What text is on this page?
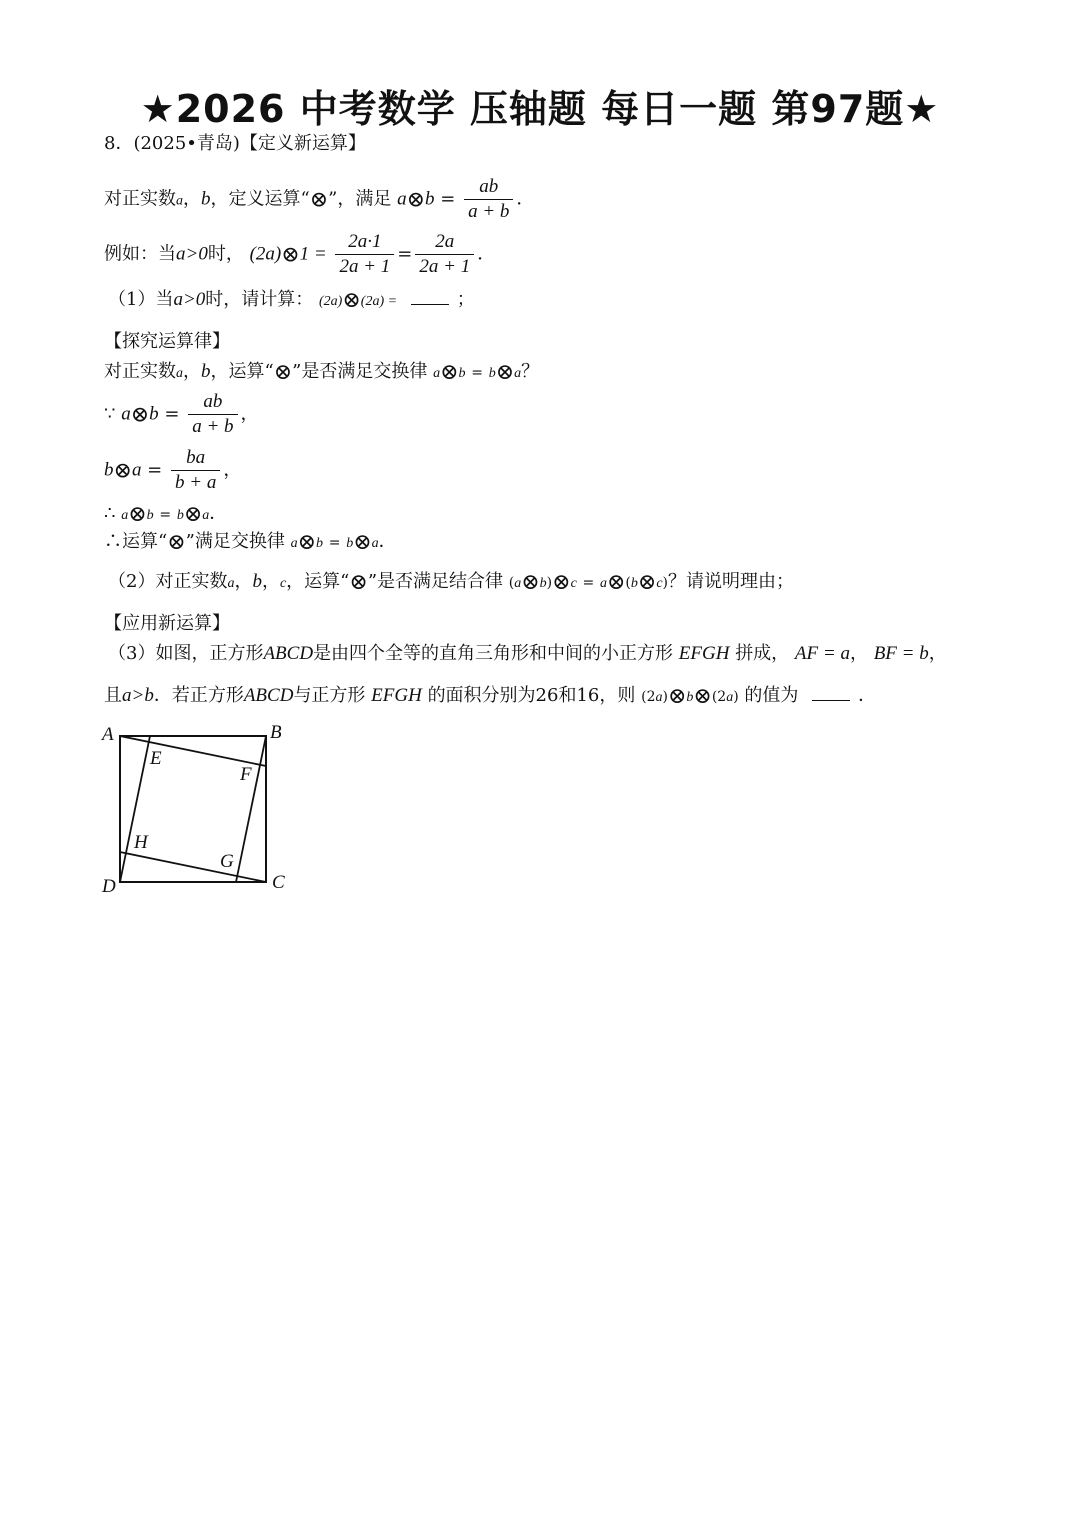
★2026 中考数学 压轴题 每日一题 第97题★
8．(2025•青岛)【定义新运算】
对正实数a，b，定义运算“⊗”，满足 a⊗b = $\frac{ab}{a + b}$ ．
例如：当a>0时， (2a)⊗1 = $\frac{2a\cdot 1}{2a + 1} = \frac{2a}{2a + 1}$ ．
（1）当a>0时，请计算： (2a)⊗(2a) =	；
【探究运算律】
对正实数a，b，运算“⊗”是否满足交换律 a⊗b = b⊗a？
∵ a⊗b = $\frac{ab}{a + b}$ ，
b⊗a = $\frac{ba}{b + a}$ ，
∴ a⊗b = b⊗a．
∴运算“⊗”满足交换律 a⊗b = b⊗a．
（2）对正实数a，b，c，运算“⊗”是否满足结合律 (a⊗b)⊗c = a⊗(b⊗c)？请说明理由；
【应用新运算】
（3）如图，正方形ABCD是由四个全等的直角三角形和中间的小正方形 EFGH 拼成， AF = a， BF = b，
且a>b．若正方形ABCD与正方形 EFGH 的面积分别为26和16，则 (2a)⊗b⊗(2a) 的值为	．
A	B
C
D
E
F
G
H
